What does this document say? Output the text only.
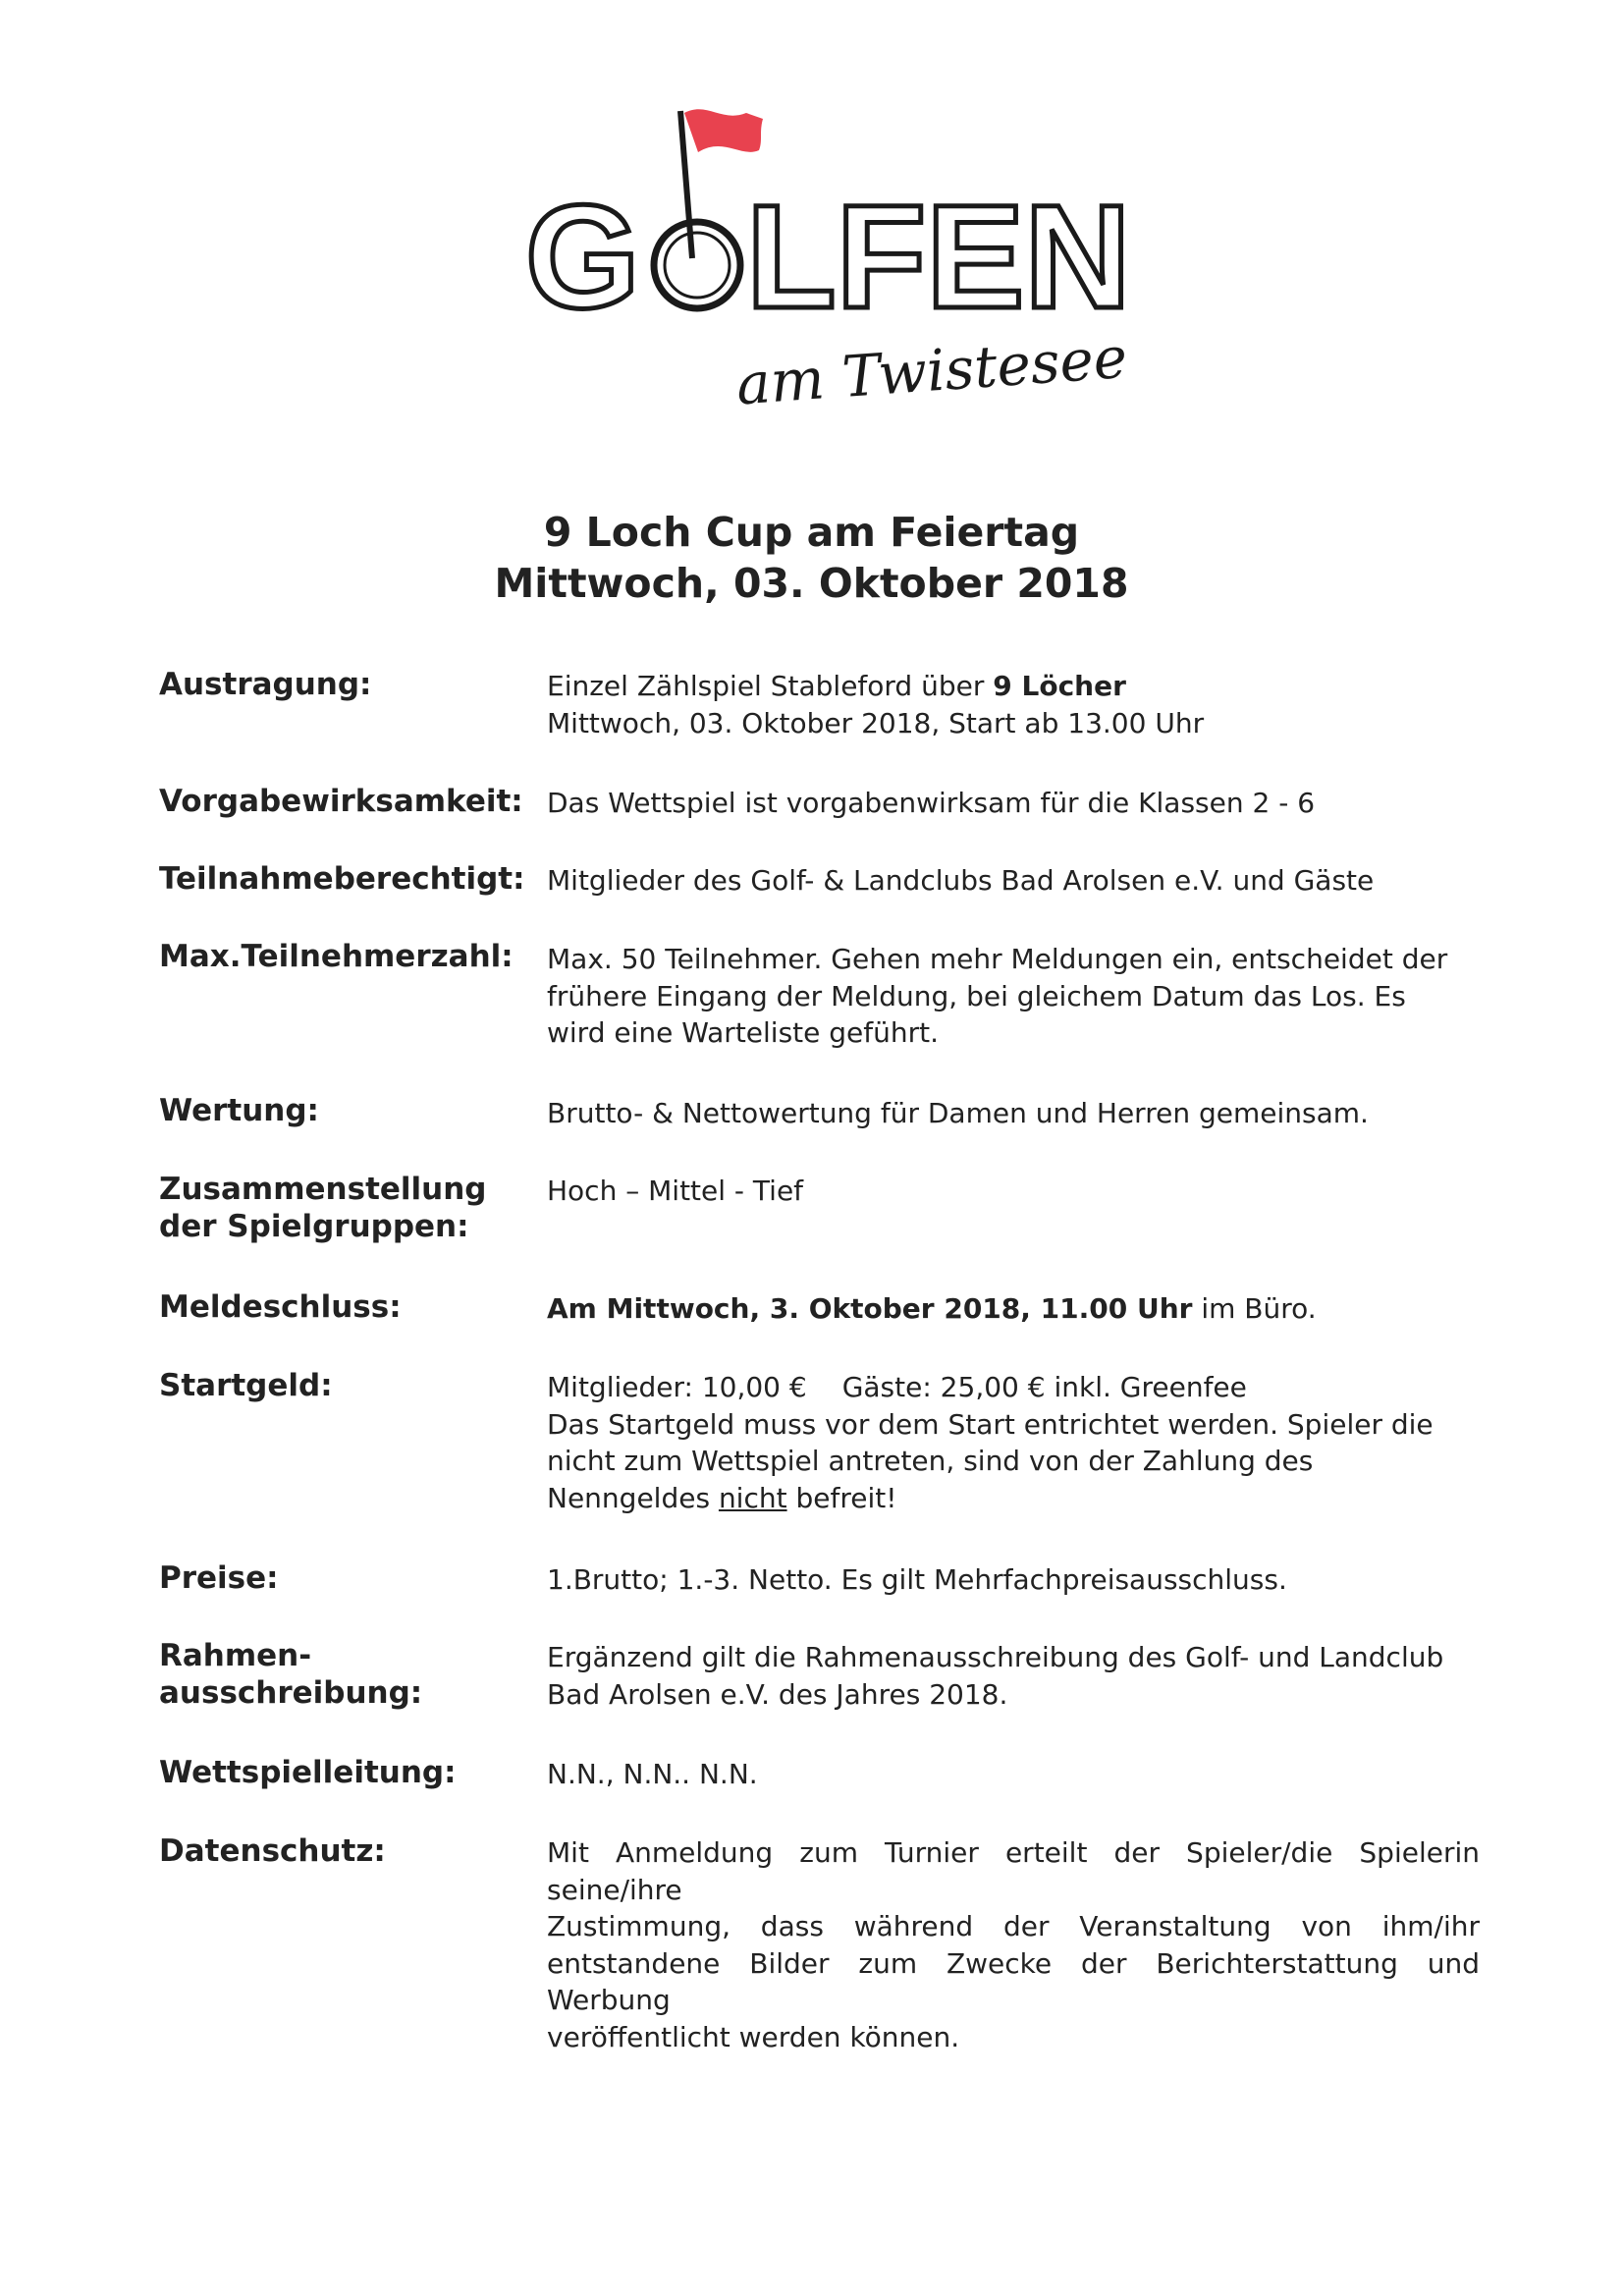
G LFEN
am Twistesee
9 Loch Cup am Feiertag
Mittwoch, 03. Oktober 2018
Austragung:	Einzel Zählspiel Stableford über 9 Löcher

Mittwoch, 03. Oktober 2018, Start ab 13.00 Uhr

Vorgabewirksamkeit: Das Wettspiel ist vorgabenwirksam für die Klassen 2 - 6

Teilnahmeberechtigt: Mitglieder des Golf- & Landclubs Bad Arolsen e.V. und Gäste

Max.Teilnehmerzahl: Max. 50 Teilnehmer. Gehen mehr Meldungen ein, entscheidet der frühere Eingang der Meldung, bei gleichem Datum das Los. Es wird eine Warteliste geführt.

Wertung:	Brutto- & Nettowertung für Damen und Herren gemeinsam.

Zusammenstellung
der Spielgruppen:

Hoch – Mittel - Tief

Meldeschluss:	Am Mittwoch, 3. Oktober 2018, 11.00 Uhr im Büro.

Startgeld:	Mitglieder: 10,00 € Gäste: 25,00 € inkl. Greenfee

Das Startgeld muss vor dem Start entrichtet werden. Spieler die nicht zum Wettspiel antreten, sind von der Zahlung des Nenngeldes nicht befreit!

Preise:	1.Brutto; 1.-3. Netto. Es gilt Mehrfachpreisausschluss.

Rahmen-
ausschreibung:

Ergänzend gilt die Rahmenausschreibung des Golf- und Landclub Bad Arolsen e.V. des Jahres 2018.

Wettspielleitung:	N.N., N.N.. N.N.

Datenschutz:	Mit Anmeldung zum Turnier erteilt der Spieler/die Spielerin seine/ihre

Zustimmung, dass während der Veranstaltung von ihm/ihr

entstandene Bilder zum Zwecke der Berichterstattung und Werbung

veröffentlicht werden können.
